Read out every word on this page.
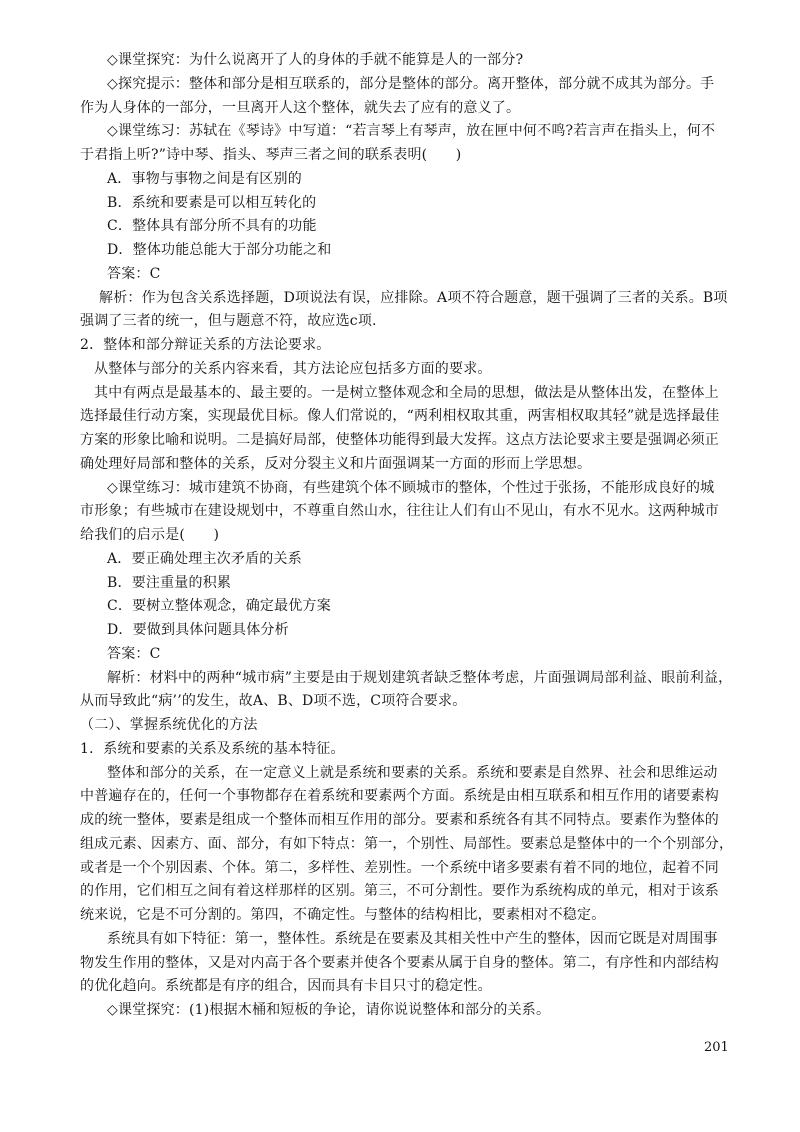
◇课堂探究：为什么说离开了人的身体的手就不能算是人的一部分?
◇探究提示：整体和部分是相互联系的，部分是整体的部分。离开整体，部分就不成其为部分。手
作为人身体的一部分，一旦离开人这个整体，就失去了应有的意义了。
◇课堂练习：苏轼在《琴诗》中写道：“若言琴上有琴声，放在匣中何不鸣?若言声在指头上，何不
于君指上听?”诗中琴、指头、琴声三者之间的联系表明(　　)
A．事物与事物之间是有区别的
B．系统和要素是可以相互转化的
C．整体具有部分所不具有的功能
D．整体功能总能大于部分功能之和
答案：C
解析：作为包含关系选择题，D项说法有误，应排除。A项不符合题意，题干强调了三者的关系。B项
强调了三者的统一，但与题意不符，故应选c项.
2．整体和部分辩证关系的方法论要求。
从整体与部分的关系内容来看，其方法论应包括多方面的要求。
其中有两点是最基本的、最主要的。一是树立整体观念和全局的思想，做法是从整体出发，在整体上
选择最佳行动方案，实现最优目标。像人们常说的，“两利相权取其重，两害相权取其轻”就是选择最佳
方案的形象比喻和说明。二是搞好局部，使整体功能得到最大发挥。这点方法论要求主要是强调必须正
确处理好局部和整体的关系，反对分裂主义和片面强调某一方面的形而上学思想。
◇课堂练习：城市建筑不协商，有些建筑个体不顾城市的整体，个性过于张扬，不能形成良好的城
市形象；有些城市在建设规划中，不尊重自然山水，往往让人们有山不见山，有水不见水。这两种城市
给我们的启示是(　　)
A．要正确处理主次矛盾的关系
B．要注重量的积累
C．要树立整体观念，确定最优方案
D．要做到具体问题具体分析
答案：C
解析：材料中的两种“城市病”主要是由于规划建筑者缺乏整体考虑，片面强调局部利益、眼前利益，
从而导致此“病’’的发生，故A、B、D项不选，C项符合要求。
（二）、掌握系统优化的方法
1．系统和要素的关系及系统的基本特征。
整体和部分的关系，在一定意义上就是系统和要素的关系。系统和要素是自然界、社会和思维运动
中普遍存在的，任何一个事物都存在着系统和要素两个方面。系统是由相互联系和相互作用的诸要素构
成的统一整体，要素是组成一个整体而相互作用的部分。要素和系统各有其不同特点。要素作为整体的
组成元素、因素方、面、部分，有如下特点：第一，个别性、局部性。要素总是整体中的一个个别部分，
或者是一个个别因素、个体。第二，多样性、差别性。一个系统中诸多要素有着不同的地位，起着不同
的作用，它们相互之间有着这样那样的区别。第三，不可分割性。要作为系统构成的单元，相对于该系
统来说，它是不可分割的。第四，不确定性。与整体的结构相比，要素相对不稳定。
系统具有如下特征：第一，整体性。系统是在要素及其相关性中产生的整体，因而它既是对周围事
物发生作用的整体，又是对内高于各个要素并使各个要素从属于自身的整体。第二，有序性和内部结构
的优化趋向。系统都是有序的组合，因而具有卡目只寸的稳定性。
◇课堂探究：(1)根据木桶和短板的争论，请你说说整体和部分的关系。
201
